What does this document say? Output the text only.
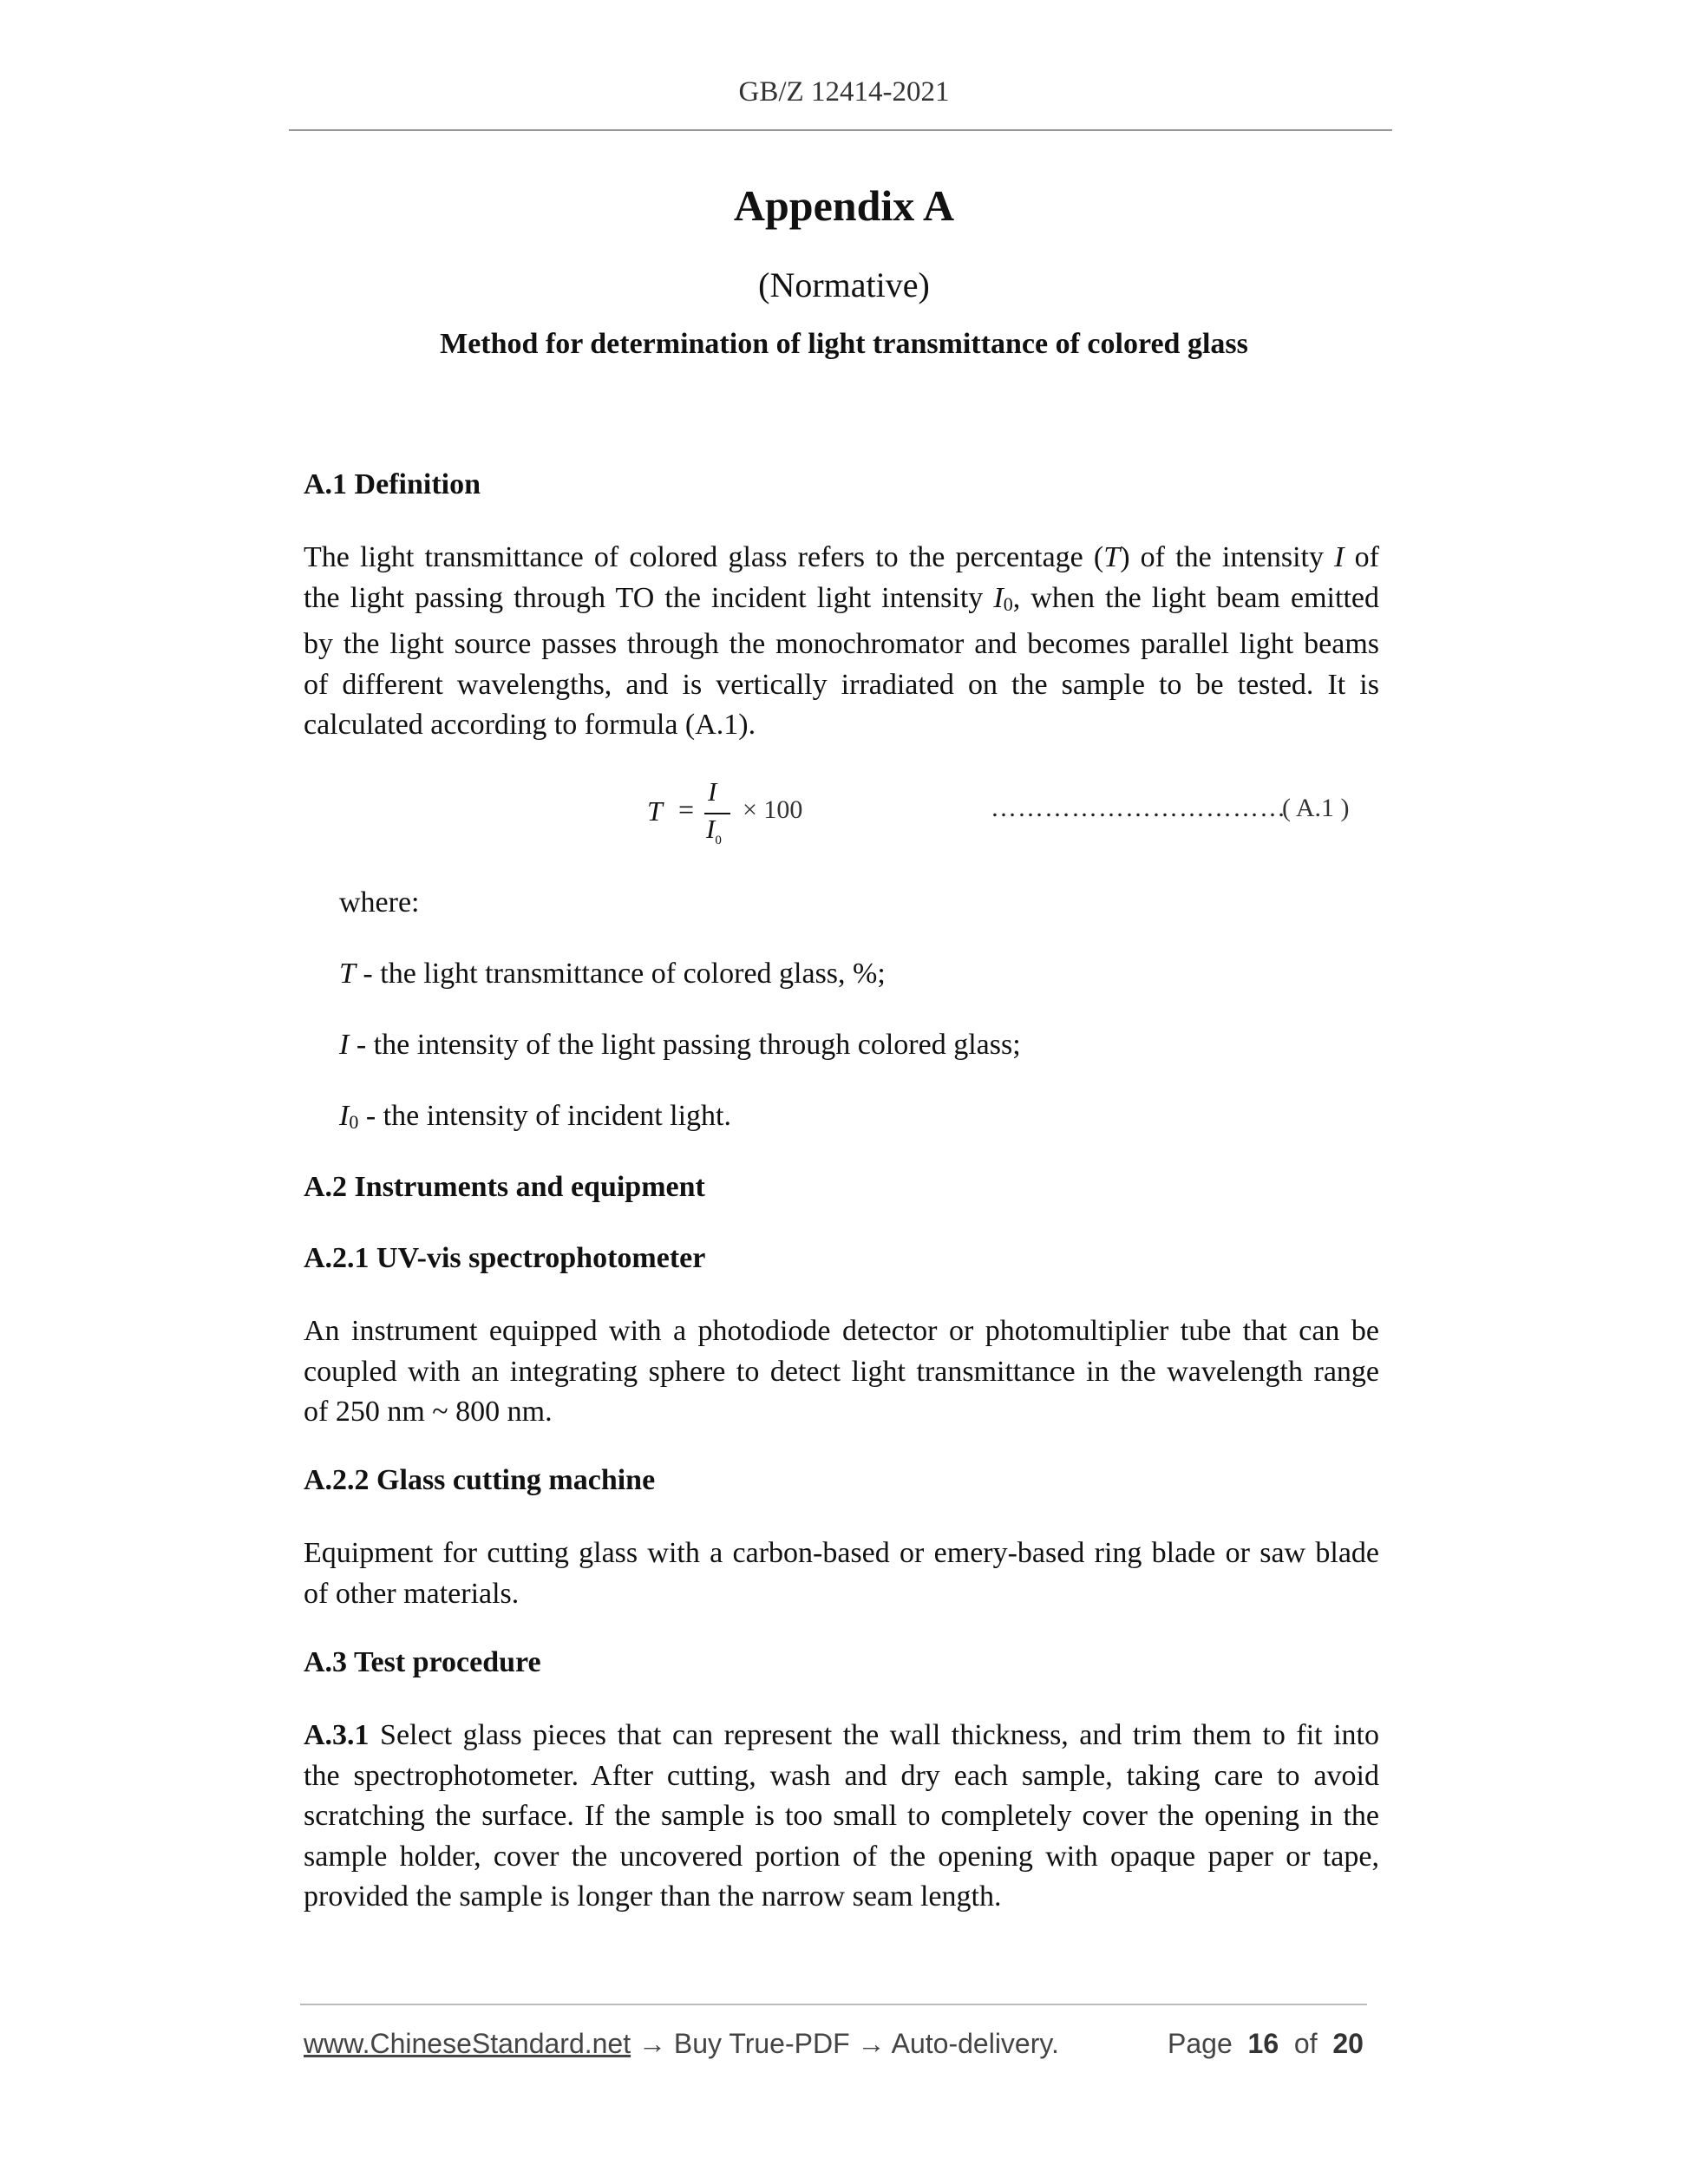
GB/Z 12414-2021
Appendix A
(Normative)
Method for determination of light transmittance of colored glass
A.1 Definition
The light transmittance of colored glass refers to the percentage (T) of the intensity I of
the light passing through TO the incident light intensity $I_0$, when the light beam emitted
by the light source passes through the monochromator and becomes parallel light beams
of different wavelengths, and is vertically irradiated on the sample to be tested. It is
calculated according to formula (A.1).
T =
I
$I_0$
× 100	……………………………
( A.1 )
where:
T - the light transmittance of colored glass, %;
I - the intensity of the light passing through colored glass;
$I_0$ - the intensity of incident light.
A.2 Instruments and equipment
A.2.1 UV-vis spectrophotometer
An instrument equipped with a photodiode detector or photomultiplier tube that can be
coupled with an integrating sphere to detect light transmittance in the wavelength range
of 250 nm ~ 800 nm.
A.2.2 Glass cutting machine
Equipment for cutting glass with a carbon-based or emery-based ring blade or saw blade
of other materials.
A.3 Test procedure
A.3.1 Select glass pieces that can represent the wall thickness, and trim them to fit into
the spectrophotometer. After cutting, wash and dry each sample, taking care to avoid
scratching the surface. If the sample is too small to completely cover the opening in the
sample holder, cover the uncovered portion of the opening with opaque paper or tape,
provided the sample is longer than the narrow seam length.
www.ChineseStandard.net → Buy True-PDF → Auto-delivery.	Page 16 of 20
